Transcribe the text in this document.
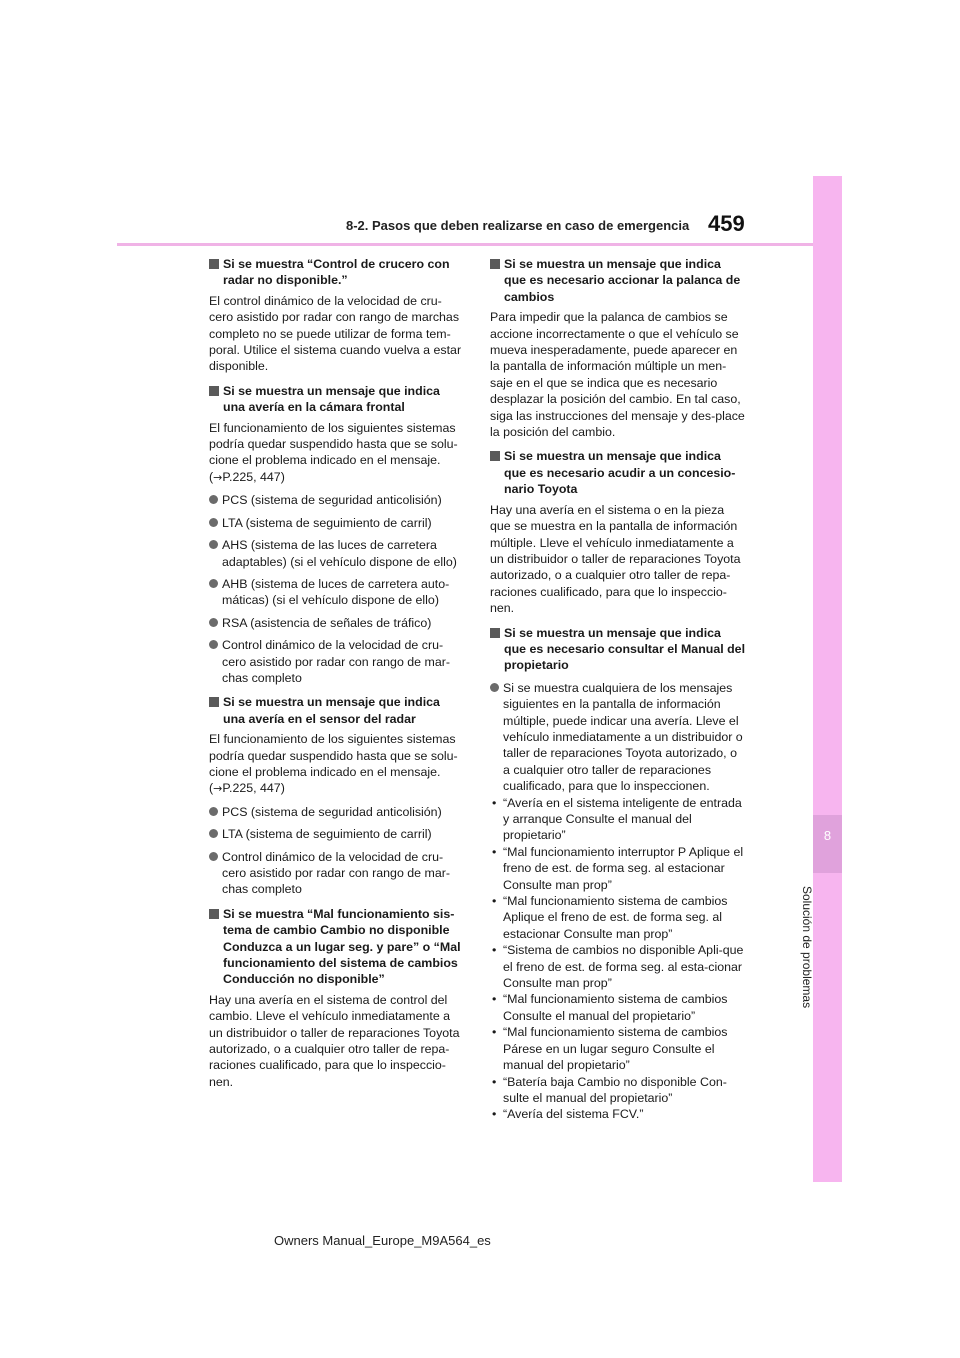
8
Solución de problemas
8-2. Pasos que deben realizarse en caso de emergencia 459
Si se muestra “Control de crucero con radar no disponible.”

El control dinámico de la velocidad de cru-cero asistido por radar con rango de marchas completo no se puede utilizar de forma tem-poral. Utilice el sistema cuando vuelva a estar disponible.

Si se muestra un mensaje que indica una avería en la cámara frontal

El funcionamiento de los siguientes sistemas podría quedar suspendido hasta que se solu-cione el problema indicado en el mensaje.
(→P.225, 447)

PCS (sistema de seguridad anticolisión)
LTA (sistema de seguimiento de carril)
AHS (sistema de las luces de carretera adaptables) (si el vehículo dispone de ello)
AHB (sistema de luces de carretera auto-máticas) (si el vehículo dispone de ello)
RSA (asistencia de señales de tráfico)
Control dinámico de la velocidad de cru-cero asistido por radar con rango de mar-chas completo
Si se muestra un mensaje que indica una avería en el sensor del radar

El funcionamiento de los siguientes sistemas podría quedar suspendido hasta que se solu-cione el problema indicado en el mensaje.
(→P.225, 447)

PCS (sistema de seguridad anticolisión)
LTA (sistema de seguimiento de carril)
Control dinámico de la velocidad de cru-cero asistido por radar con rango de mar-chas completo
Si se muestra “Mal funcionamiento sis-tema de cambio Cambio no disponible Conduzca a un lugar seg. y pare” o “Mal funcionamiento del sistema de cambios Conducción no disponible”

Hay una avería en el sistema de control del cambio. Lleve el vehículo inmediatamente a un distribuidor o taller de reparaciones Toyota autorizado, o a cualquier otro taller de repa-raciones cualificado, para que lo inspeccio-nen.

Si se muestra un mensaje que indica que es necesario accionar la palanca de cambios

Para impedir que la palanca de cambios se accione incorrectamente o que el vehículo se mueva inesperadamente, puede aparecer en la pantalla de información múltiple un men-saje en el que se indica que es necesario desplazar la posición del cambio. En tal caso, siga las instrucciones del mensaje y des-place la posición del cambio.

Si se muestra un mensaje que indica que es necesario acudir a un concesio-nario Toyota

Hay una avería en el sistema o en la pieza que se muestra en la pantalla de información múltiple. Lleve el vehículo inmediatamente a un distribuidor o taller de reparaciones Toyota autorizado, o a cualquier otro taller de repa-raciones cualificado, para que lo inspeccio-nen.

Si se muestra un mensaje que indica que es necesario consultar el Manual del propietario
Si se muestra cualquiera de los mensajes siguientes en la pantalla de información múltiple, puede indicar una avería. Lleve el vehículo inmediatamente a un distribuidor o taller de reparaciones Toyota autorizado, o a cualquier otro taller de reparaciones cualificado, para que lo inspeccionen.
• “Avería en el sistema inteligente de entrada y arranque Consulte el manual del propietario”
• “Mal funcionamiento interruptor P Aplique el freno de est. de forma seg. al estacionar Consulte man prop”
• “Mal funcionamiento sistema de cambios Aplique el freno de est. de forma seg. al estacionar Consulte man prop”
• “Sistema de cambios no disponible Apli-que el freno de est. de forma seg. al esta-cionar Consulte man prop”
• “Mal funcionamiento sistema de cambios Consulte el manual del propietario”
• “Mal funcionamiento sistema de cambios Párese en un lugar seguro Consulte el manual del propietario”
• “Batería baja Cambio no disponible Con-sulte el manual del propietario”
• “Avería del sistema FCV.”
Owners Manual_Europe_M9A564_es
